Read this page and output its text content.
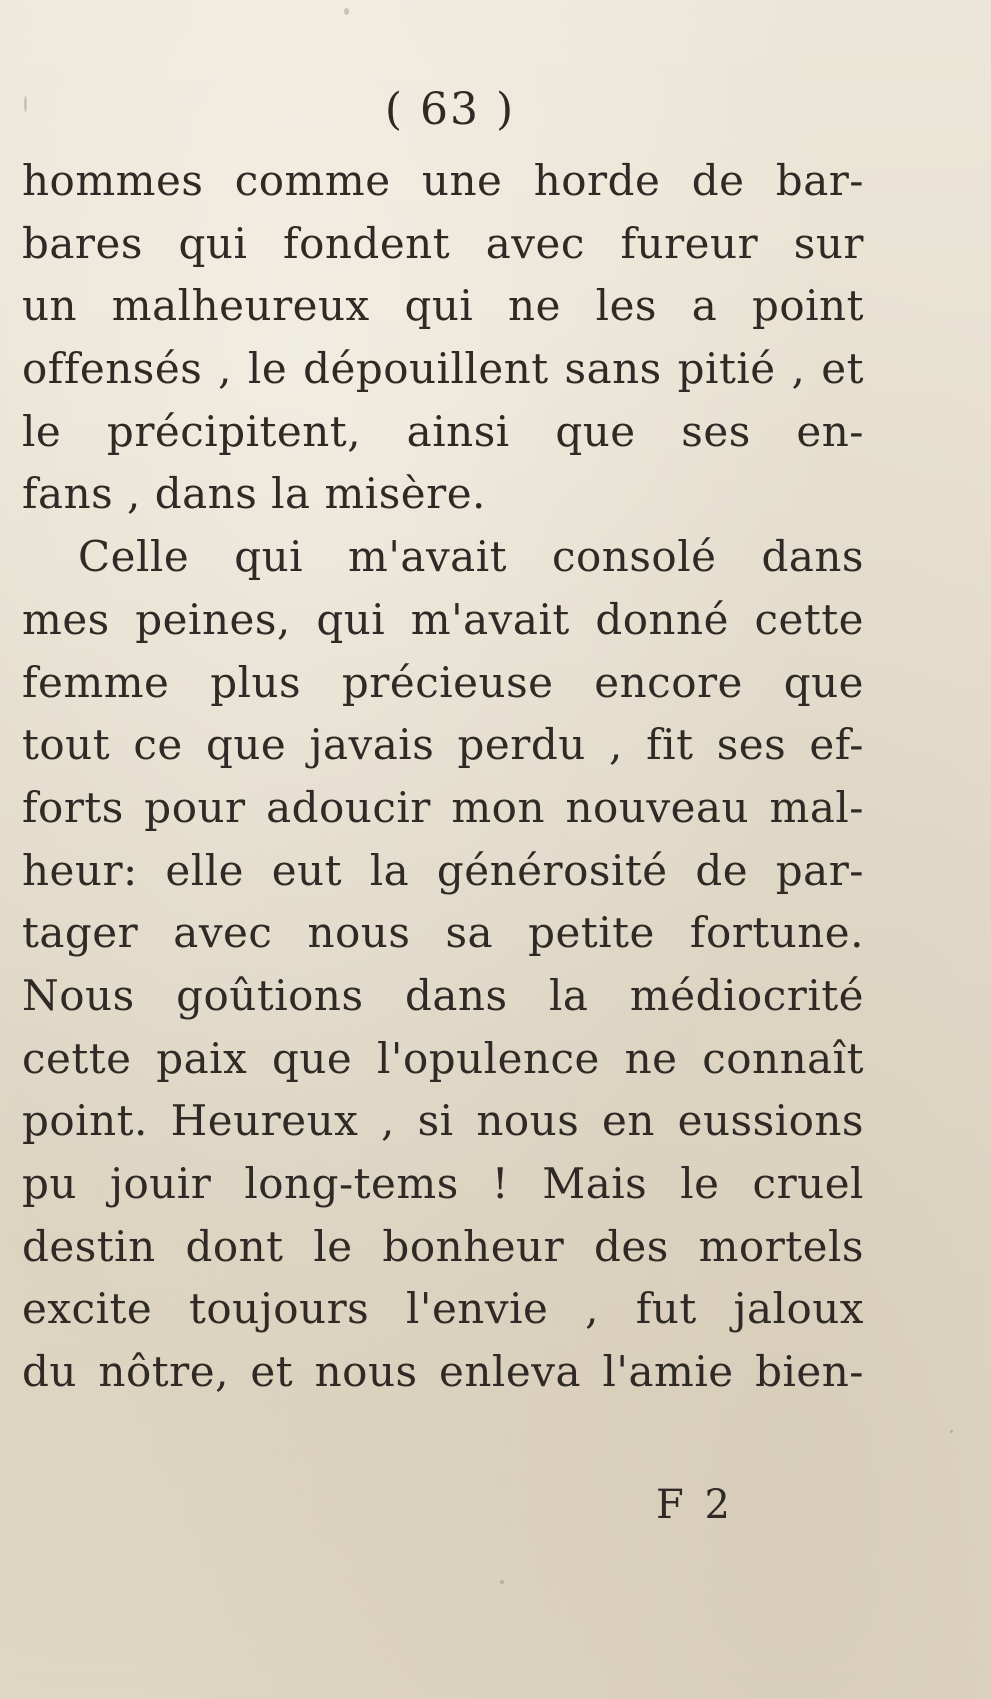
( 63 )
hommes comme une horde de bar-
bares qui fondent avec fureur sur
un malheureux qui ne les a point
offensés , le dépouillent sans pitié , et
le précipitent, ainsi que ses en-
fans , dans la misère.
Celle qui m'avait consolé dans
mes peines, qui m'avait donné cette
femme plus précieuse encore que
tout ce que javais perdu , fit ses ef-
forts pour adoucir mon nouveau mal-
heur: elle eut la générosité de par-
tager avec nous sa petite fortune.
Nous goûtions dans la médiocrité
cette paix que l'opulence ne connaît
point. Heureux , si nous en eussions
pu jouir long-tems ! Mais le cruel
destin dont le bonheur des mortels
excite toujours l'envie , fut jaloux
du nôtre, et nous enleva l'amie bien-
F 2
